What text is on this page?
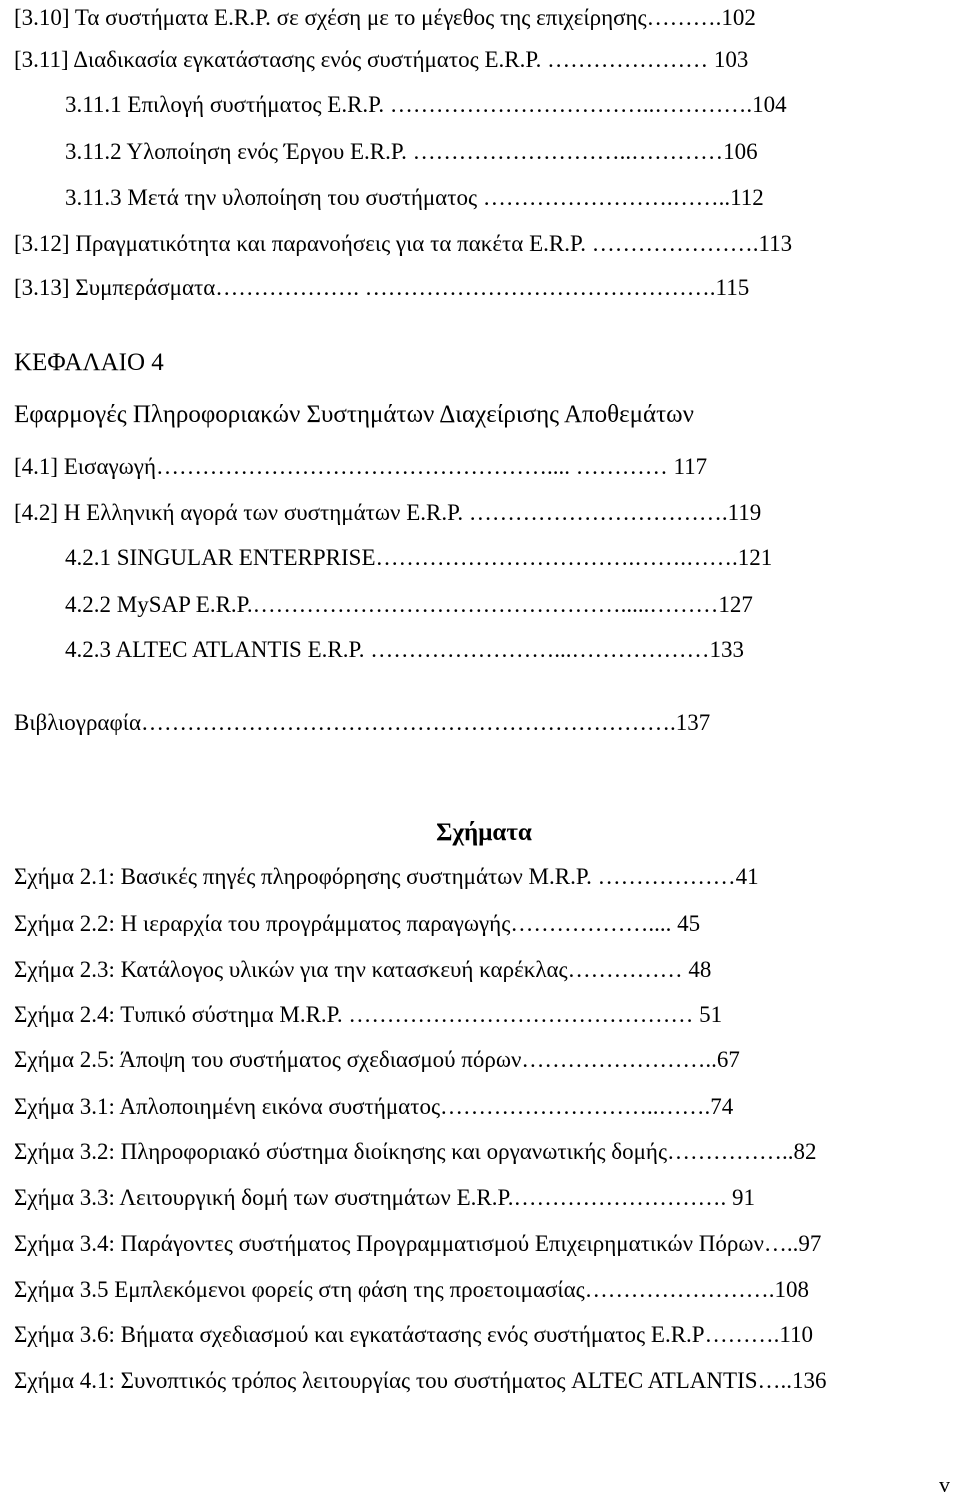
[3.10] Τα συστήματα E.R.P. σε σχέση με το μέγεθος της επιχείρησης……….102
[3.11] Διαδικασία εγκατάστασης ενός συστήματος E.R.P. ………………… 103
3.11.1 Επιλογή συστήματος E.R.P. ……………………………..………….104
3.11.2 Υλοποίηση ενός Έργου E.R.P. ………………………..…………106
3.11.3 Μετά την υλοποίηση του συστήματος …………………….……..112
[3.12] Πραγματικότητα και παρανοήσεις για τα πακέτα E.R.P. ………………….113
[3.13] Συμπεράσματα………………. ……………………………………….115
ΚΕΦΑΛΑΙΟ 4
Εφαρμογές Πληροφοριακών Συστημάτων Διαχείρισης Αποθεμάτων
[4.1] Εισαγωγή…………………………………………….... ………… 117
[4.2] Η Ελληνική αγορά των συστημάτων E.R.P. …………………………….119
4.2.1 SINGULAR ENTERPRISE…………………………….…….…….121
4.2.2 MySAP E.R.P.………………………………………….....………127
4.2.3 ALTEC ATLANTIS E.R.P. ……………………...………………133
Βιβλιογραφία…………………………………………………………….137
Σχήματα
Σχήμα 2.1: Βασικές πηγές πληροφόρησης συστημάτων M.R.P. ………………41
Σχήμα 2.2: Η ιεραρχία του προγράμματος παραγωγής……………….... 45
Σχήμα 2.3: Κατάλογος υλικών για την κατασκευή καρέκλας…………… 48
Σχήμα 2.4: Τυπικό σύστημα M.R.P. ……………………………………… 51
Σχήμα 2.5: Άποψη του συστήματος σχεδιασμού πόρων……………………..67
Σχήμα 3.1: Απλοποιημένη εικόνα συστήματος………………………..…….74
Σχήμα 3.2: Πληροφοριακό σύστημα διοίκησης και οργανωτικής δομής……………..82
Σχήμα 3.3: Λειτουργική δομή των συστημάτων E.R.P.………………………. 91
Σχήμα 3.4: Παράγοντες συστήματος Προγραμματισμού Επιχειρηματικών Πόρων…..97
Σχήμα 3.5 Εμπλεκόμενοι φορείς στη φάση της προετοιμασίας…………………….108
Σχήμα 3.6: Βήματα σχεδιασμού και εγκατάστασης ενός συστήματος E.R.P……….110
Σχήμα 4.1: Συνοπτικός τρόπος λειτουργίας του συστήματος ALTEC ATLANTIS…..136
v
